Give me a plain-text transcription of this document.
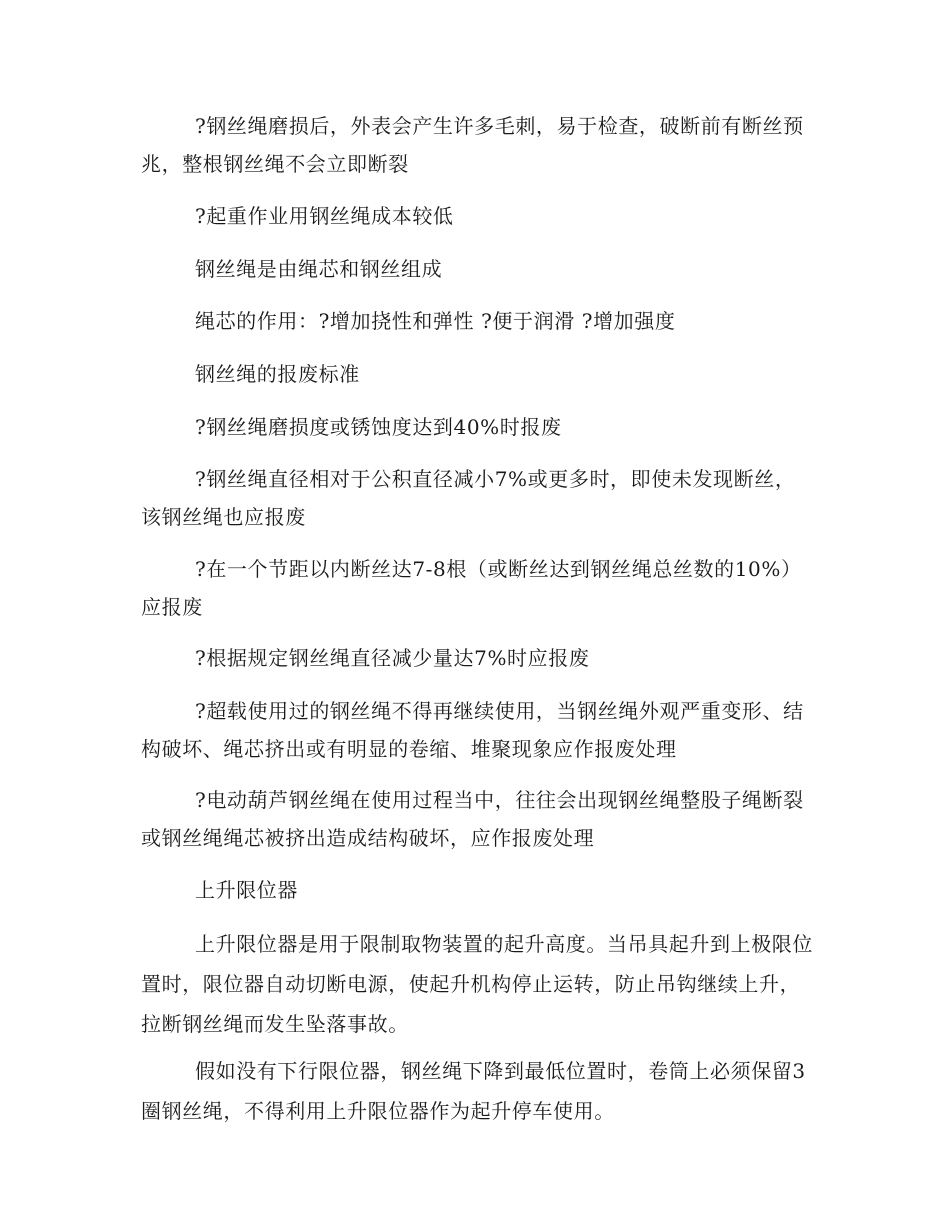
?钢丝绳磨损后，外表会产生许多毛刺，易于检查，破断前有断丝预兆，整根钢丝绳不会立即断裂

?起重作业用钢丝绳成本较低

钢丝绳是由绳芯和钢丝组成

绳芯的作用：?增加挠性和弹性 ?便于润滑 ?增加强度

钢丝绳的报废标准

?钢丝绳磨损度或锈蚀度达到40%时报废

?钢丝绳直径相对于公积直径减小7%或更多时，即使未发现断丝，该钢丝绳也应报废

?在一个节距以内断丝达7-8根（或断丝达到钢丝绳总丝数的10%）应报废

?根据规定钢丝绳直径减少量达7%时应报废

?超载使用过的钢丝绳不得再继续使用，当钢丝绳外观严重变形、结构破坏、绳芯挤出或有明显的卷缩、堆聚现象应作报废处理

?电动葫芦钢丝绳在使用过程当中，往往会出现钢丝绳整股子绳断裂或钢丝绳绳芯被挤出造成结构破坏，应作报废处理

上升限位器

上升限位器是用于限制取物装置的起升高度。当吊具起升到上极限位置时，限位器自动切断电源，使起升机构停止运转，防止吊钩继续上升，拉断钢丝绳而发生坠落事故。

假如没有下行限位器，钢丝绳下降到最低位置时，卷筒上必须保留3圈钢丝绳，不得利用上升限位器作为起升停车使用。
